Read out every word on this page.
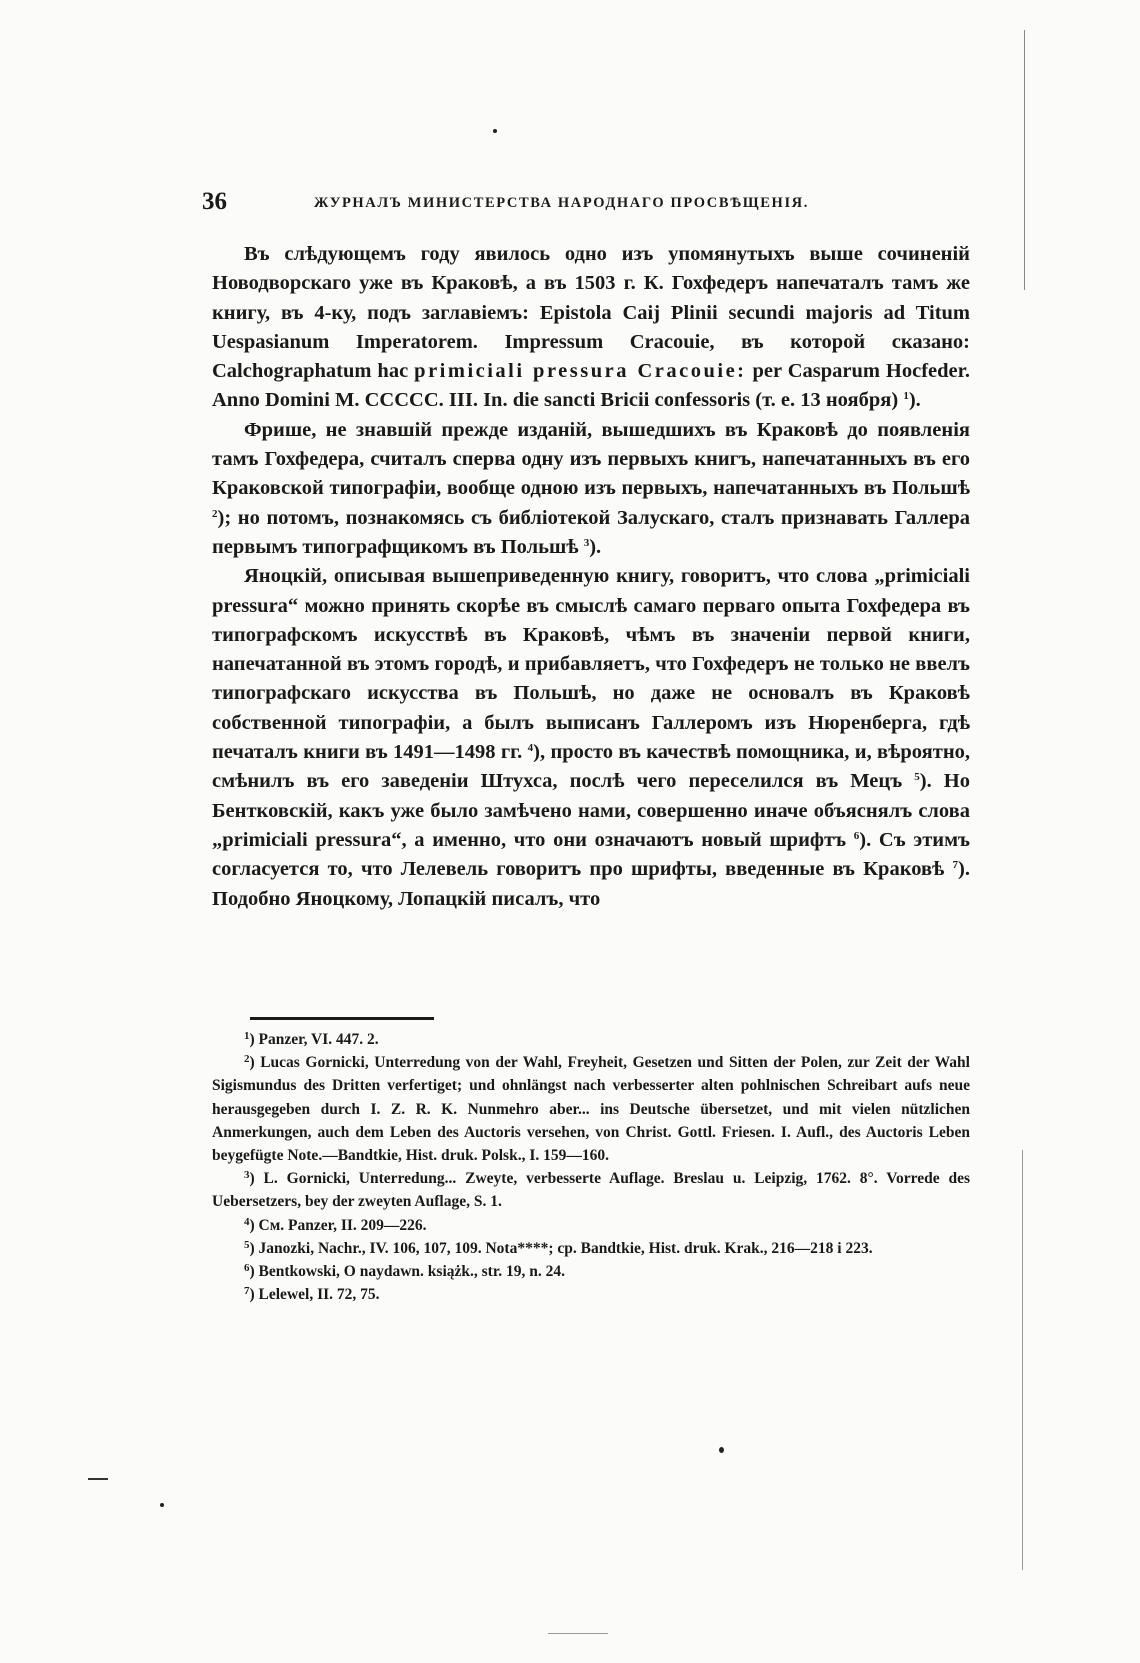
36	ЖУРНАЛЪ МИНИСТЕРСТВА НАРОДНАГО ПРОСВѢЩЕНІЯ.

Въ слѣдующемъ году явилось одно изъ упомянутыхъ выше сочиненій Новодворскаго уже въ Краковѣ, а въ 1503 г. К. Гохфедеръ напечаталъ тамъ же книгу, въ 4-ку, подъ заглавіемъ: Epistola Caij Plinii secundi majoris ad Titum Uespasianum Imperatorem. Impressum Cracouie, въ которой сказано: Calchographatum hac primiciali pressura Cracouie: per Casparum Hocfeder. Anno Domini M. CCCCC. III. In. die sancti Bricii confessoris (т. е. 13 ноября) $^1$).

Фрише, не знавшій прежде изданій, вышедшихъ въ Краковѣ до появленія тамъ Гохфедера, считалъ сперва одну изъ первыхъ книгъ, напечатанныхъ въ его Краковской типографіи, вообще одною изъ первыхъ, напечатанныхъ въ Польшѣ $^2$); но потомъ, познакомясь съ библіотекой Залускаго, сталъ признавать Галлера первымъ типографщикомъ въ Польшѣ $^3$).

Яноцкій, описывая вышеприведенную книгу, говоритъ, что слова „primiciali pressura“ можно принять скорѣе въ смыслѣ самаго перваго опыта Гохфедера въ типографскомъ искусствѣ въ Краковѣ, чѣмъ въ значеніи первой книги, напечатанной въ этомъ городѣ, и прибавляетъ, что Гохфедеръ не только не ввелъ типографскаго искусства въ Польшѣ, но даже не основалъ въ Краковѣ собственной типографіи, а былъ выписанъ Галлеромъ изъ Нюренберга, гдѣ печаталъ книги въ 1491—1498 гг. $^4$), просто въ качествѣ помощника, и, вѣроятно, смѣнилъ въ его заведеніи Штухса, послѣ чего переселился въ Мецъ $^5$). Но Бентковскій, какъ уже было замѣчено нами, совершенно иначе объяснялъ слова „primiciali pressura“, а именно, что они означаютъ новый шрифтъ $^6$). Съ этимъ согласуется то, что Лелевель говоритъ про шрифты, введенные въ Краковѣ $^7$). Подобно Яноцкому, Лопацкій писалъ, что

$^1$) Panzer, VI. 447. 2.

$^2$) Lucas Gornicki, Unterredung von der Wahl, Freyheit, Gesetzen und Sitten der Polen, zur Zeit der Wahl Sigismundus des Dritten verfertiget; und ohnlängst nach verbesserter alten pohlnischen Schreibart aufs neue herausgegeben durch I. Z. R. K. Nunmehro aber... ins Deutsche übersetzet, und mit vielen nützlichen Anmerkungen, auch dem Leben des Auctoris versehen, von Christ. Gottl. Friesen. I. Aufl., des Auctoris Leben beygefügte Note.—Bandtkie, Hist. druk. Polsk., I. 159—160.

$^3$) L. Gornicki, Unterredung... Zweyte, verbesserte Auflage. Breslau u. Leipzig, 1762. 8°. Vorrede des Uebersetzers, bey der zweyten Auflage, S. 1.

$^4$) См. Panzer, II. 209—226.

$^5$) Janozki, Nachr., IV. 106, 107, 109. Nota****; ср. Bandtkie, Hist. druk. Krak., 216—218 i 223.

$^6$) Bentkowski, O naydawn. książk., str. 19, n. 24.

$^7$) Lelewel, II. 72, 75.
